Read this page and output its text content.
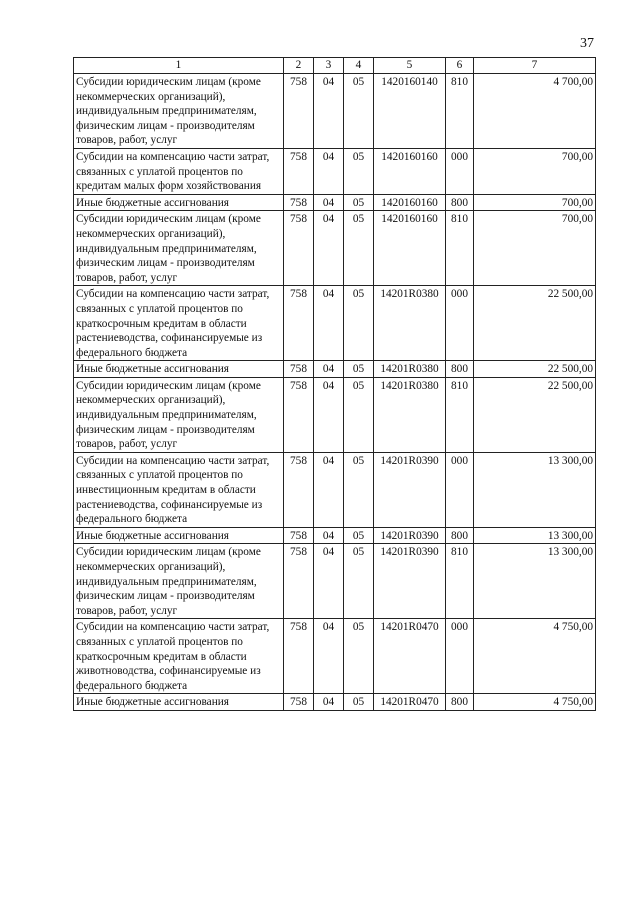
37
1	2	3	4	5	6	7
Субсидии юридическим лицам (кроме некоммерческих организаций), индивидуальным предпринимателям, физическим лицам - производителям товаров, работ, услуг	758	04	05	1420160140	810	4 700,00
Субсидии на компенсацию части затрат, связанных с уплатой процентов по кредитам малых форм хозяйствования	758	04	05	1420160160	000	700,00
Иные бюджетные ассигнования	758	04	05	1420160160	800	700,00
Субсидии юридическим лицам (кроме некоммерческих организаций), индивидуальным предпринимателям, физическим лицам - производителям товаров, работ, услуг	758	04	05	1420160160	810	700,00
Субсидии на компенсацию части затрат, связанных с уплатой процентов по краткосрочным кредитам в области растениеводства, софинансируемые из федерального бюджета	758	04	05	14201R0380	000	22 500,00
Иные бюджетные ассигнования	758	04	05	14201R0380	800	22 500,00
Субсидии юридическим лицам (кроме некоммерческих организаций), индивидуальным предпринимателям, физическим лицам - производителям товаров, работ, услуг	758	04	05	14201R0380	810	22 500,00
Субсидии на компенсацию части затрат, связанных с уплатой процентов по инвестиционным кредитам в области растениеводства, софинансируемые из федерального бюджета	758	04	05	14201R0390	000	13 300,00
Иные бюджетные ассигнования	758	04	05	14201R0390	800	13 300,00
Субсидии юридическим лицам (кроме некоммерческих организаций), индивидуальным предпринимателям, физическим лицам - производителям товаров, работ, услуг	758	04	05	14201R0390	810	13 300,00
Субсидии на компенсацию части затрат, связанных с уплатой процентов по краткосрочным кредитам в области животноводства, софинансируемые из федерального бюджета	758	04	05	14201R0470	000	4 750,00
Иные бюджетные ассигнования	758	04	05	14201R0470	800	4 750,00
